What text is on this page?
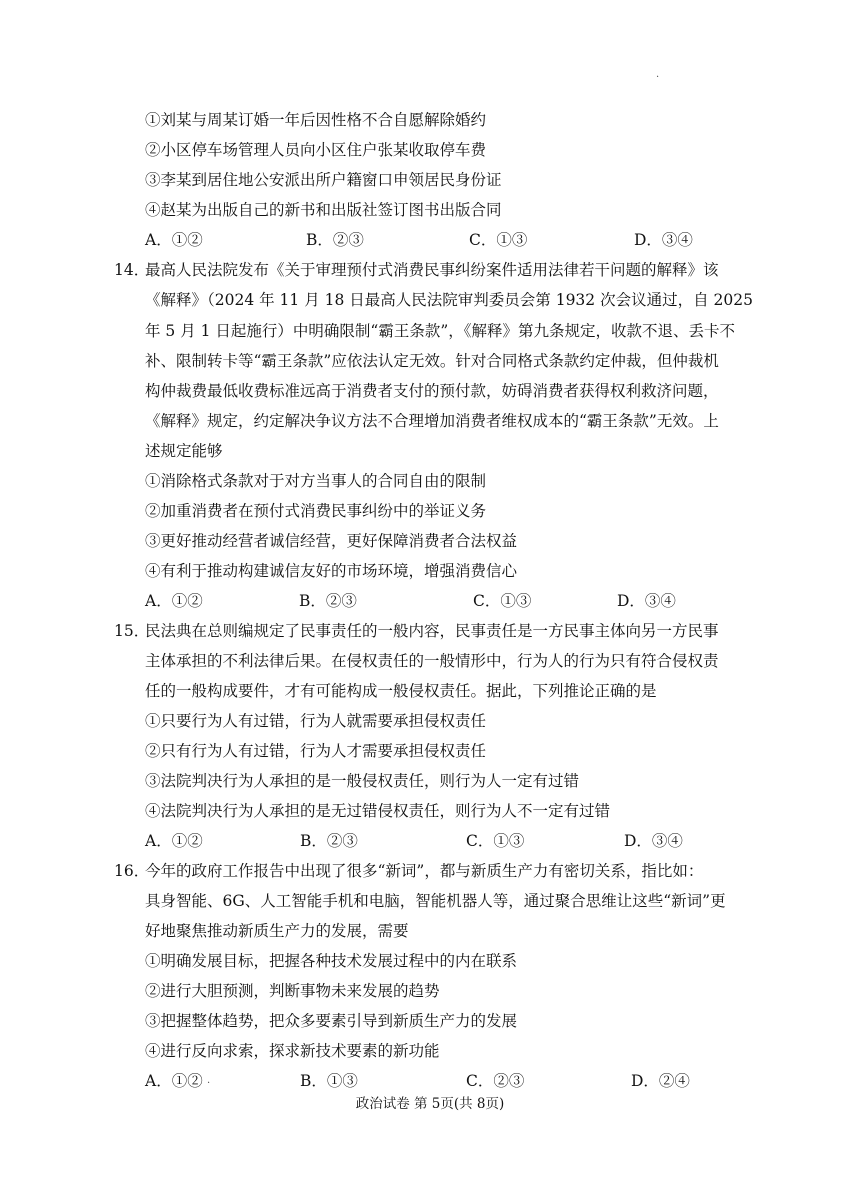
·
①刘某与周某订婚一年后因性格不合自愿解除婚约
②小区停车场管理人员向小区住户张某收取停车费
③李某到居住地公安派出所户籍窗口申领居民身份证
④赵某为出版自己的新书和出版社签订图书出版合同
A．①②	B．②③	C．①③	D．③④
14．
最高人民法院发布《关于审理预付式消费民事纠纷案件适用法律若干问题的解释》该
《解释》（2024 年 11 月 18 日最高人民法院审判委员会第 1932 次会议通过，自 2025
年 5 月 1 日起施行）中明确限制“霸王条款”，《解释》第九条规定，收款不退、丢卡不
补、限制转卡等“霸王条款”应依法认定无效。针对合同格式条款约定仲裁，但仲裁机
构仲裁费最低收费标准远高于消费者支付的预付款，妨碍消费者获得权利救济问题，
《解释》规定，约定解决争议方法不合理增加消费者维权成本的“霸王条款”无效。上
述规定能够
①消除格式条款对于对方当事人的合同自由的限制
②加重消费者在预付式消费民事纠纷中的举证义务
③更好推动经营者诚信经营，更好保障消费者合法权益
④有利于推动构建诚信友好的市场环境，增强消费信心
A．①②	B．②③	C．①③	D．③④
15．
民法典在总则编规定了民事责任的一般内容，民事责任是一方民事主体向另一方民事
主体承担的不利法律后果。在侵权责任的一般情形中，行为人的行为只有符合侵权责
任的一般构成要件，才有可能构成一般侵权责任。据此，下列推论正确的是
①只要行为人有过错，行为人就需要承担侵权责任
②只有行为人有过错，行为人才需要承担侵权责任
③法院判决行为人承担的是一般侵权责任，则行为人一定有过错
④法院判决行为人承担的是无过错侵权责任，则行为人不一定有过错
A．①②	B．②③	C．①③	D．③④
16．
今年的政府工作报告中出现了很多“新词”，都与新质生产力有密切关系，指比如：
具身智能、6G、人工智能手机和电脑，智能机器人等，通过聚合思维让这些“新词”更
好地聚焦推动新质生产力的发展，需要
①明确发展目标，把握各种技术发展过程中的内在联系
②进行大胆预测，判断事物未来发展的趋势
③把握整体趋势，把众多要素引导到新质生产力的发展
④进行反向求索，探求新技术要素的新功能
A．①②	B．①③	C．②③	D．②④
·
政治试卷 第 5页(共 8页)
